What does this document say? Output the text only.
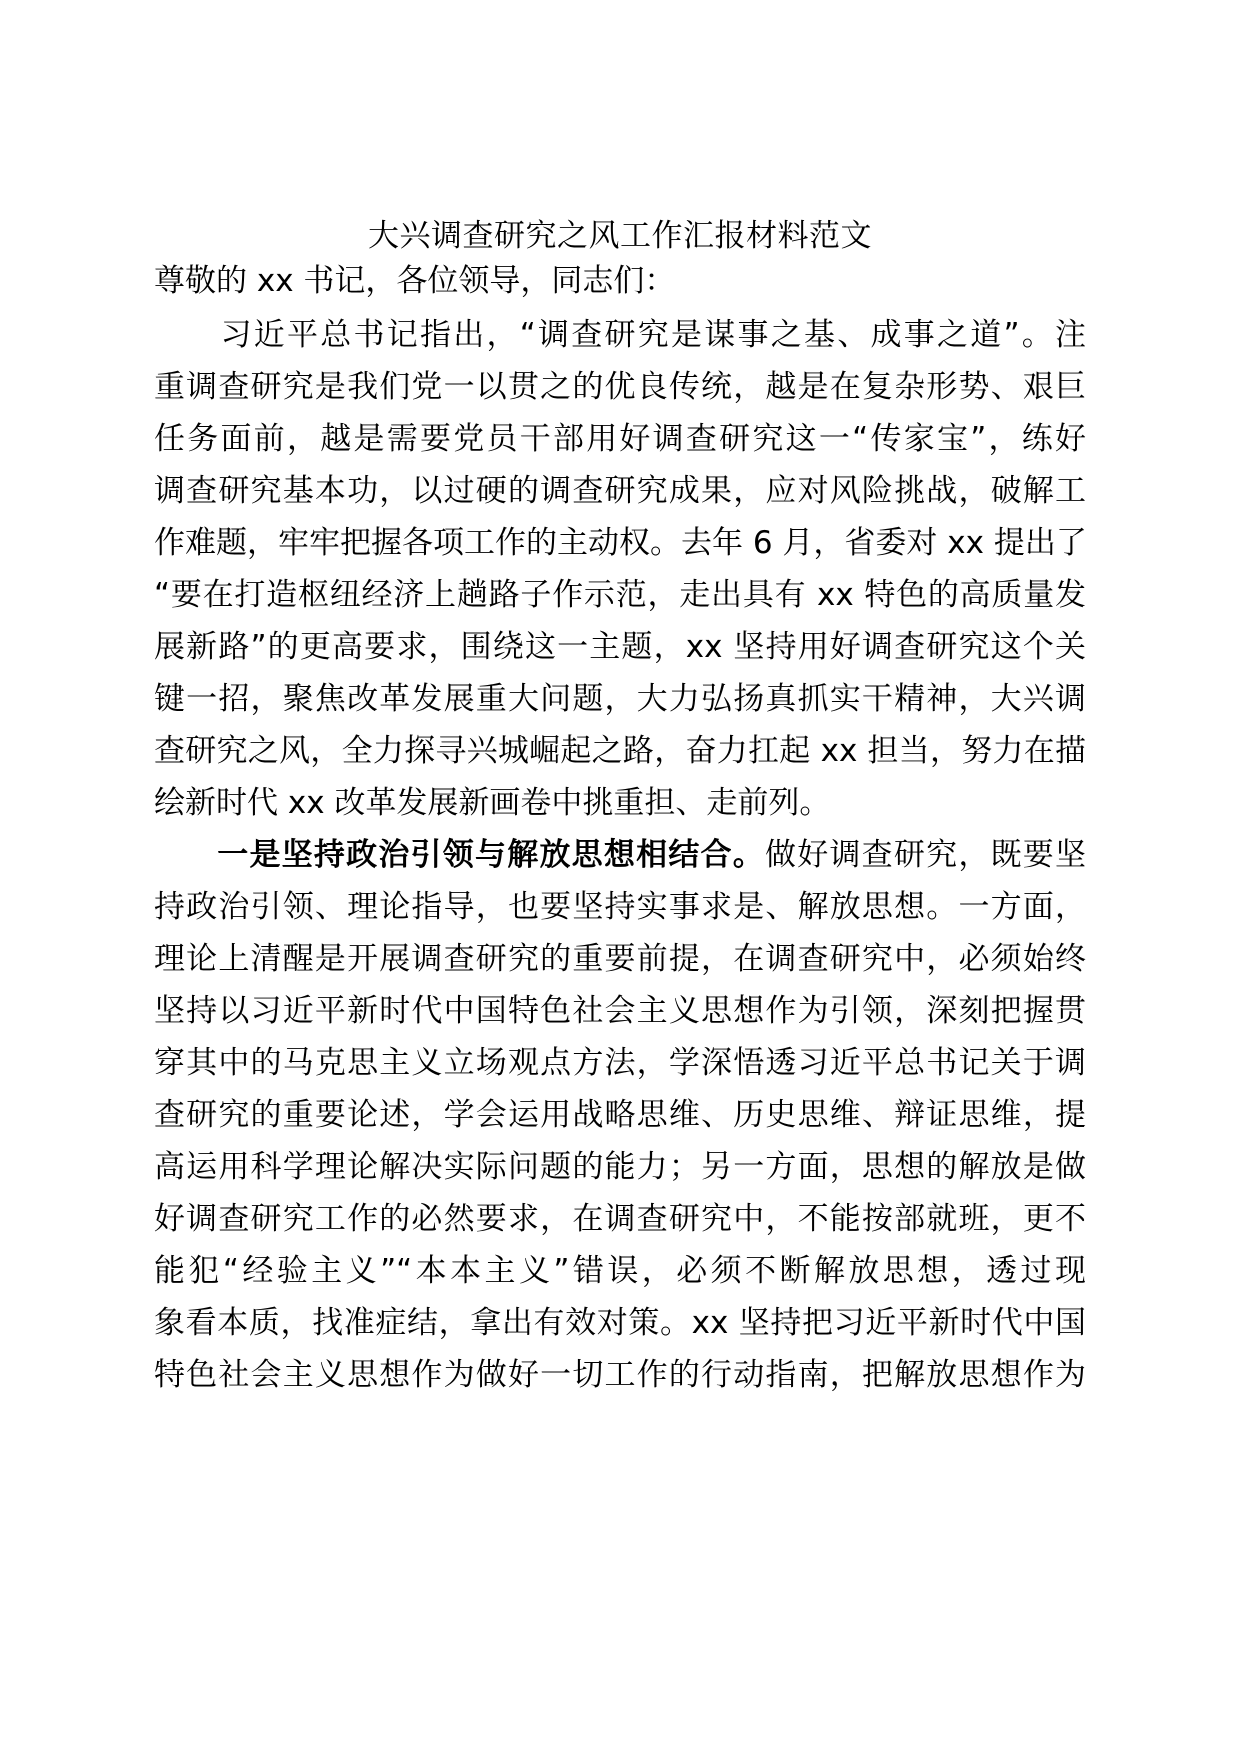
大兴调查研究之风工作汇报材料范文

尊敬的 xx 书记，各位领导，同志们：

　　习近平总书记指出，“调查研究是谋事之基、成事之道”。注

重调查研究是我们党一以贯之的优良传统，越是在复杂形势、艰巨

任务面前，越是需要党员干部用好调查研究这一“传家宝”，练好

调查研究基本功，以过硬的调查研究成果，应对风险挑战，破解工

作难题，牢牢把握各项工作的主动权。去年 6 月，省委对 xx 提出了

“要在打造枢纽经济上趟路子作示范，走出具有 xx 特色的高质量发

展新路”的更高要求，围绕这一主题，xx 坚持用好调查研究这个关

键一招，聚焦改革发展重大问题，大力弘扬真抓实干精神，大兴调

查研究之风，全力探寻兴城崛起之路，奋力扛起 xx 担当，努力在描

绘新时代 xx 改革发展新画卷中挑重担、走前列。

一是坚持政治引领与解放思想相结合。做好调查研究，既要坚

持政治引领、理论指导，也要坚持实事求是、解放思想。一方面，

理论上清醒是开展调查研究的重要前提，在调查研究中，必须始终

坚持以习近平新时代中国特色社会主义思想作为引领，深刻把握贯

穿其中的马克思主义立场观点方法，学深悟透习近平总书记关于调

查研究的重要论述，学会运用战略思维、历史思维、辩证思维，提

高运用科学理论解决实际问题的能力；另一方面，思想的解放是做

好调查研究工作的必然要求，在调查研究中，不能按部就班，更不

能犯“经验主义”“本本主义”错误，必须不断解放思想，透过现

象看本质，找准症结，拿出有效对策。xx 坚持把习近平新时代中国

特色社会主义思想作为做好一切工作的行动指南，把解放思想作为
